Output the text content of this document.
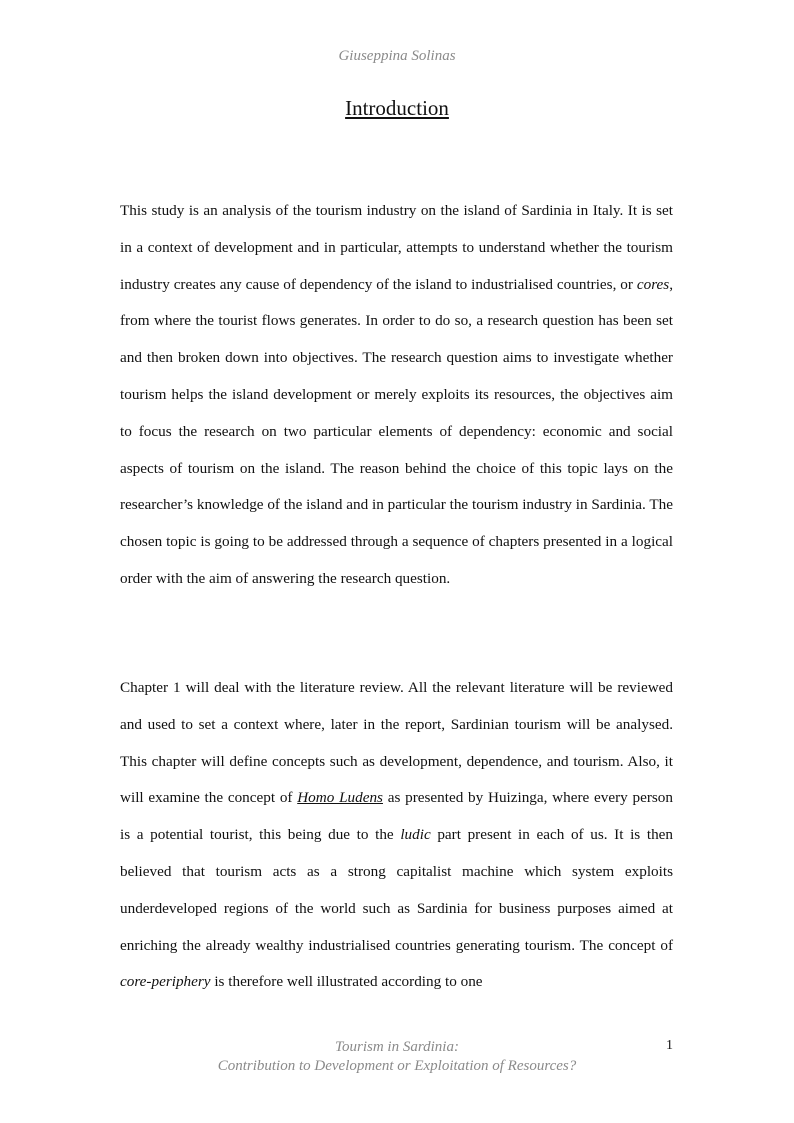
Giuseppina Solinas
Introduction

This study is an analysis of the tourism industry on the island of Sardinia in Italy. It is set in a context of development and in particular, attempts to understand whether the tourism industry creates any cause of dependency of the island to industrialised countries, or cores, from where the tourist flows generates. In order to do so, a research question has been set and then broken down into objectives. The research question aims to investigate whether tourism helps the island development or merely exploits its resources, the objectives aim to focus the research on two particular elements of dependency: economic and social aspects of tourism on the island. The reason behind the choice of this topic lays on the researcher’s knowledge of the island and in particular the tourism industry in Sardinia. The chosen topic is going to be addressed through a sequence of chapters presented in a logical order with the aim of answering the research question.

Chapter 1 will deal with the literature review. All the relevant literature will be reviewed and used to set a context where, later in the report, Sardinian tourism will be analysed. This chapter will define concepts such as development, dependence, and tourism. Also, it will examine the concept of Homo Ludens as presented by Huizinga, where every person is a potential tourist, this being due to the ludic part present in each of us. It is then believed that tourism acts as a strong capitalist machine which system exploits underdeveloped regions of the world such as Sardinia for business purposes aimed at enriching the already wealthy industrialised countries generating tourism. The concept of core-periphery is therefore well illustrated according to one

Tourism in Sardinia:
Contribution to Development or Exploitation of Resources?
1
